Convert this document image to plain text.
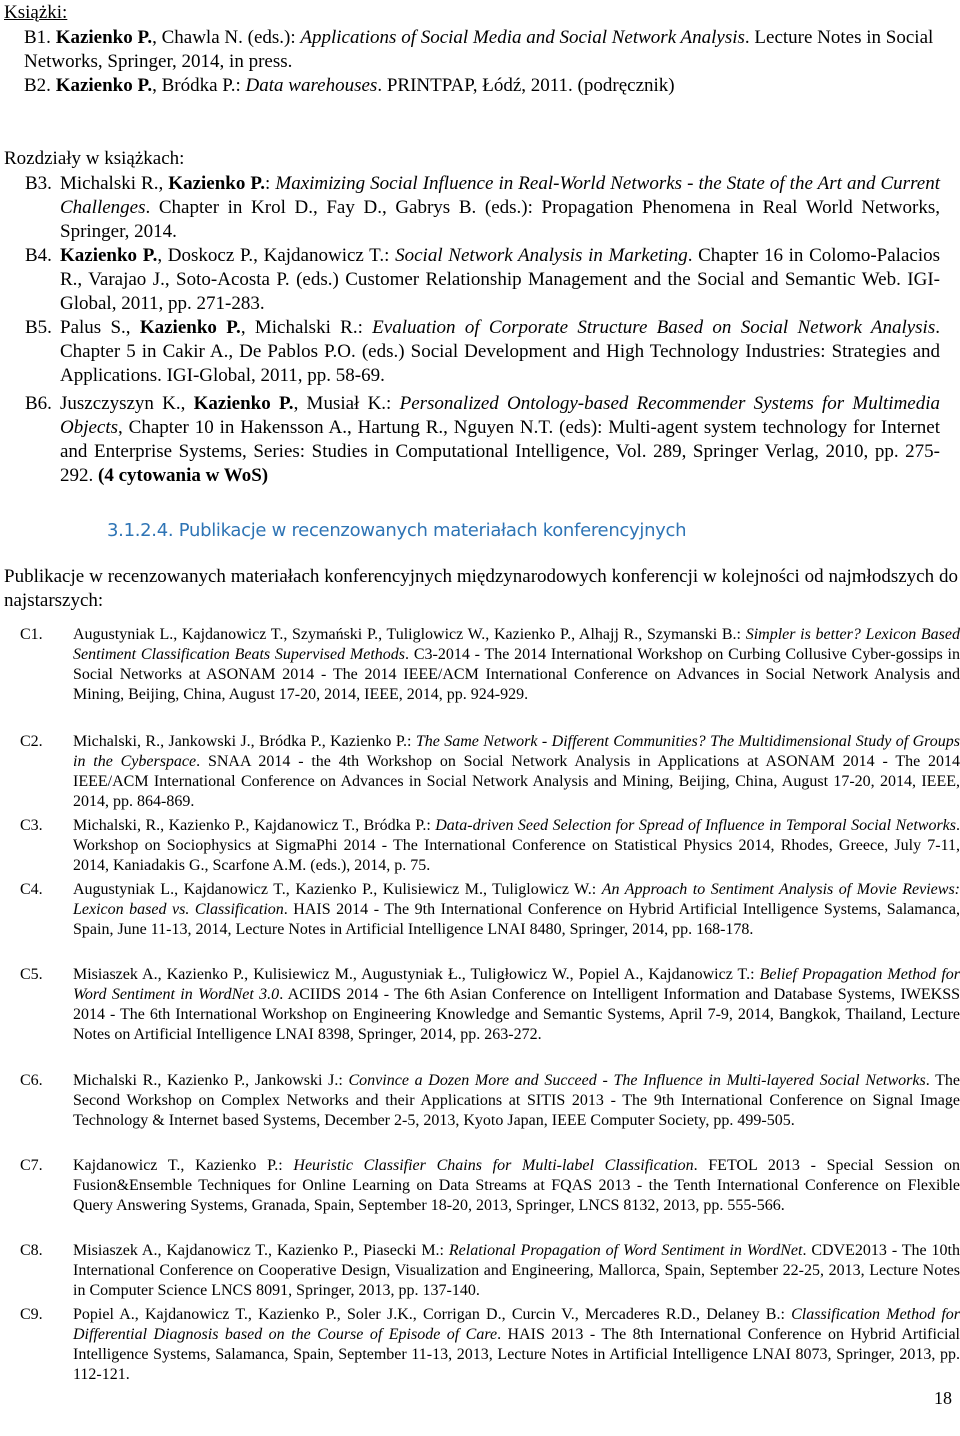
Książki:
B1. Kazienko P., Chawla N. (eds.): Applications of Social Media and Social Network Analysis. Lecture Notes in Social Networks, Springer, 2014, in press.
B2. Kazienko P., Bródka P.: Data warehouses. PRINTPAP, Łódź, 2011. (podręcznik)
Rozdziały w książkach:
B3. Michalski R., Kazienko P.: Maximizing Social Influence in Real-World Networks - the State of the Art and Current Challenges. Chapter in Krol D., Fay D., Gabrys B. (eds.): Propagation Phenomena in Real World Networks, Springer, 2014.
B4. Kazienko P., Doskocz P., Kajdanowicz T.: Social Network Analysis in Marketing. Chapter 16 in Colomo-Palacios R., Varajao J., Soto-Acosta P. (eds.) Customer Relationship Management and the Social and Semantic Web. IGI-Global, 2011, pp. 271-283.
B5. Palus S., Kazienko P., Michalski R.: Evaluation of Corporate Structure Based on Social Network Analysis. Chapter 5 in Cakir A., De Pablos P.O. (eds.) Social Development and High Technology Industries: Strategies and Applications. IGI-Global, 2011, pp. 58-69.
B6. Juszczyszyn K., Kazienko P., Musiał K.: Personalized Ontology-based Recommender Systems for Multimedia Objects, Chapter 10 in Hakensson A., Hartung R., Nguyen N.T. (eds): Multi-agent system technology for Internet and Enterprise Systems, Series: Studies in Computational Intelligence, Vol. 289, Springer Verlag, 2010, pp. 275-292. (4 cytowania w WoS)
3.1.2.4. Publikacje w recenzowanych materiałach konferencyjnych
Publikacje w recenzowanych materiałach konferencyjnych międzynarodowych konferencji w kolejności od najmłodszych do najstarszych:
C1. Augustyniak L., Kajdanowicz T., Szymański P., Tuliglowicz W., Kazienko P., Alhajj R., Szymanski B.: Simpler is better? Lexicon Based Sentiment Classification Beats Supervised Methods. C3-2014 - The 2014 International Workshop on Curbing Collusive Cyber-gossips in Social Networks at ASONAM 2014 - The 2014 IEEE/ACM International Conference on Advances in Social Network Analysis and Mining, Beijing, China, August 17-20, 2014, IEEE, 2014, pp. 924-929.
C2. Michalski, R., Jankowski J., Bródka P., Kazienko P.: The Same Network - Different Communities? The Multidimensional Study of Groups in the Cyberspace. SNAA 2014 - the 4th Workshop on Social Network Analysis in Applications at ASONAM 2014 - The 2014 IEEE/ACM International Conference on Advances in Social Network Analysis and Mining, Beijing, China, August 17-20, 2014, IEEE, 2014, pp. 864-869.
C3. Michalski, R., Kazienko P., Kajdanowicz T., Bródka P.: Data-driven Seed Selection for Spread of Influence in Temporal Social Networks. Workshop on Sociophysics at SigmaPhi 2014 - The International Conference on Statistical Physics 2014, Rhodes, Greece, July 7-11, 2014, Kaniadakis G., Scarfone A.M. (eds.), 2014, p. 75.
C4. Augustyniak L., Kajdanowicz T., Kazienko P., Kulisiewicz M., Tuliglowicz W.: An Approach to Sentiment Analysis of Movie Reviews: Lexicon based vs. Classification. HAIS 2014 - The 9th International Conference on Hybrid Artificial Intelligence Systems, Salamanca, Spain, June 11-13, 2014, Lecture Notes in Artificial Intelligence LNAI 8480, Springer, 2014, pp. 168-178.
C5. Misiaszek A., Kazienko P., Kulisiewicz M., Augustyniak Ł., Tuligłowicz W., Popiel A., Kajdanowicz T.: Belief Propagation Method for Word Sentiment in WordNet 3.0. ACIIDS 2014 - The 6th Asian Conference on Intelligent Information and Database Systems, IWEKSS 2014 - The 6th International Workshop on Engineering Knowledge and Semantic Systems, April 7-9, 2014, Bangkok, Thailand, Lecture Notes on Artificial Intelligence LNAI 8398, Springer, 2014, pp. 263-272.
C6. Michalski R., Kazienko P., Jankowski J.: Convince a Dozen More and Succeed - The Influence in Multi-layered Social Networks. The Second Workshop on Complex Networks and their Applications at SITIS 2013 - The 9th International Conference on Signal Image Technology & Internet based Systems, December 2-5, 2013, Kyoto Japan, IEEE Computer Society, pp. 499-505.
C7. Kajdanowicz T., Kazienko P.: Heuristic Classifier Chains for Multi-label Classification. FETOL 2013 - Special Session on Fusion&Ensemble Techniques for Online Learning on Data Streams at FQAS 2013 - the Tenth International Conference on Flexible Query Answering Systems, Granada, Spain, September 18-20, 2013, Springer, LNCS 8132, 2013, pp. 555-566.
C8. Misiaszek A., Kajdanowicz T., Kazienko P., Piasecki M.: Relational Propagation of Word Sentiment in WordNet. CDVE2013 - The 10th International Conference on Cooperative Design, Visualization and Engineering, Mallorca, Spain, September 22-25, 2013, Lecture Notes in Computer Science LNCS 8091, Springer, 2013, pp. 137-140.
C9. Popiel A., Kajdanowicz T., Kazienko P., Soler J.K., Corrigan D., Curcin V., Mercaderes R.D., Delaney B.: Classification Method for Differential Diagnosis based on the Course of Episode of Care. HAIS 2013 - The 8th International Conference on Hybrid Artificial Intelligence Systems, Salamanca, Spain, September 11-13, 2013, Lecture Notes in Artificial Intelligence LNAI 8073, Springer, 2013, pp. 112-121.
18
